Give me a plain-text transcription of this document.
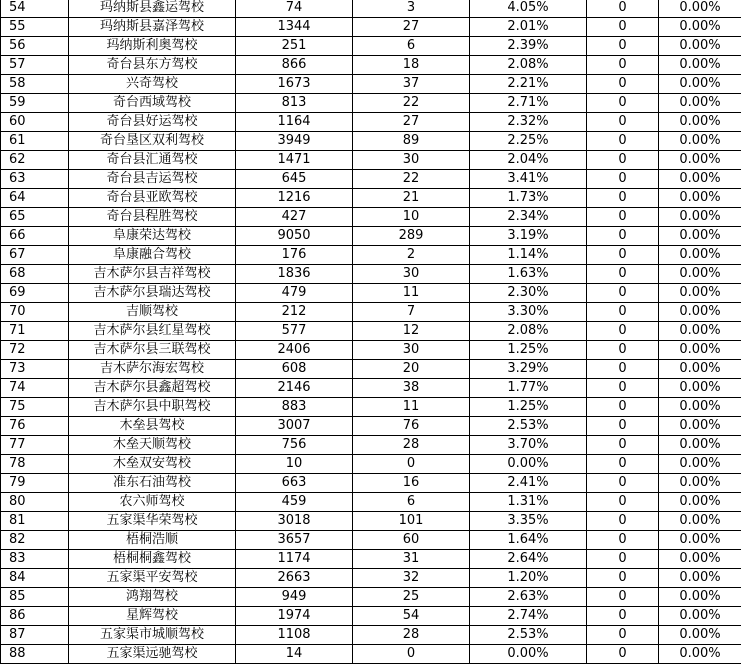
54	玛纳斯县鑫运驾校	74	3	4.05%	0	0.00%
55	玛纳斯县嘉泽驾校	1344	27	2.01%	0	0.00%
56	玛纳斯利奥驾校	251	6	2.39%	0	0.00%
57	奇台县东方驾校	866	18	2.08%	0	0.00%
58	兴奇驾校	1673	37	2.21%	0	0.00%
59	奇台西域驾校	813	22	2.71%	0	0.00%
60	奇台县好运驾校	1164	27	2.32%	0	0.00%
61	奇台垦区双利驾校	3949	89	2.25%	0	0.00%
62	奇台县汇通驾校	1471	30	2.04%	0	0.00%
63	奇台县吉运驾校	645	22	3.41%	0	0.00%
64	奇台县亚欧驾校	1216	21	1.73%	0	0.00%
65	奇台县程胜驾校	427	10	2.34%	0	0.00%
66	阜康荣达驾校	9050	289	3.19%	0	0.00%
67	阜康融合驾校	176	2	1.14%	0	0.00%
68	吉木萨尔县吉祥驾校	1836	30	1.63%	0	0.00%
69	吉木萨尔县瑞达驾校	479	11	2.30%	0	0.00%
70	吉顺驾校	212	7	3.30%	0	0.00%
71	吉木萨尔县红星驾校	577	12	2.08%	0	0.00%
72	吉木萨尔县三联驾校	2406	30	1.25%	0	0.00%
73	吉木萨尔海宏驾校	608	20	3.29%	0	0.00%
74	吉木萨尔县鑫超驾校	2146	38	1.77%	0	0.00%
75	吉木萨尔县中职驾校	883	11	1.25%	0	0.00%
76	木垒县驾校	3007	76	2.53%	0	0.00%
77	木垒天顺驾校	756	28	3.70%	0	0.00%
78	木垒双安驾校	10	0	0.00%	0	0.00%
79	准东石油驾校	663	16	2.41%	0	0.00%
80	农六师驾校	459	6	1.31%	0	0.00%
81	五家渠华荣驾校	3018	101	3.35%	0	0.00%
82	梧桐浩顺	3657	60	1.64%	0	0.00%
83	梧桐桐鑫驾校	1174	31	2.64%	0	0.00%
84	五家渠平安驾校	2663	32	1.20%	0	0.00%
85	鸿翔驾校	949	25	2.63%	0	0.00%
86	星辉驾校	1974	54	2.74%	0	0.00%
87	五家渠市城顺驾校	1108	28	2.53%	0	0.00%
88	五家渠远驰驾校	14	0	0.00%	0	0.00%
